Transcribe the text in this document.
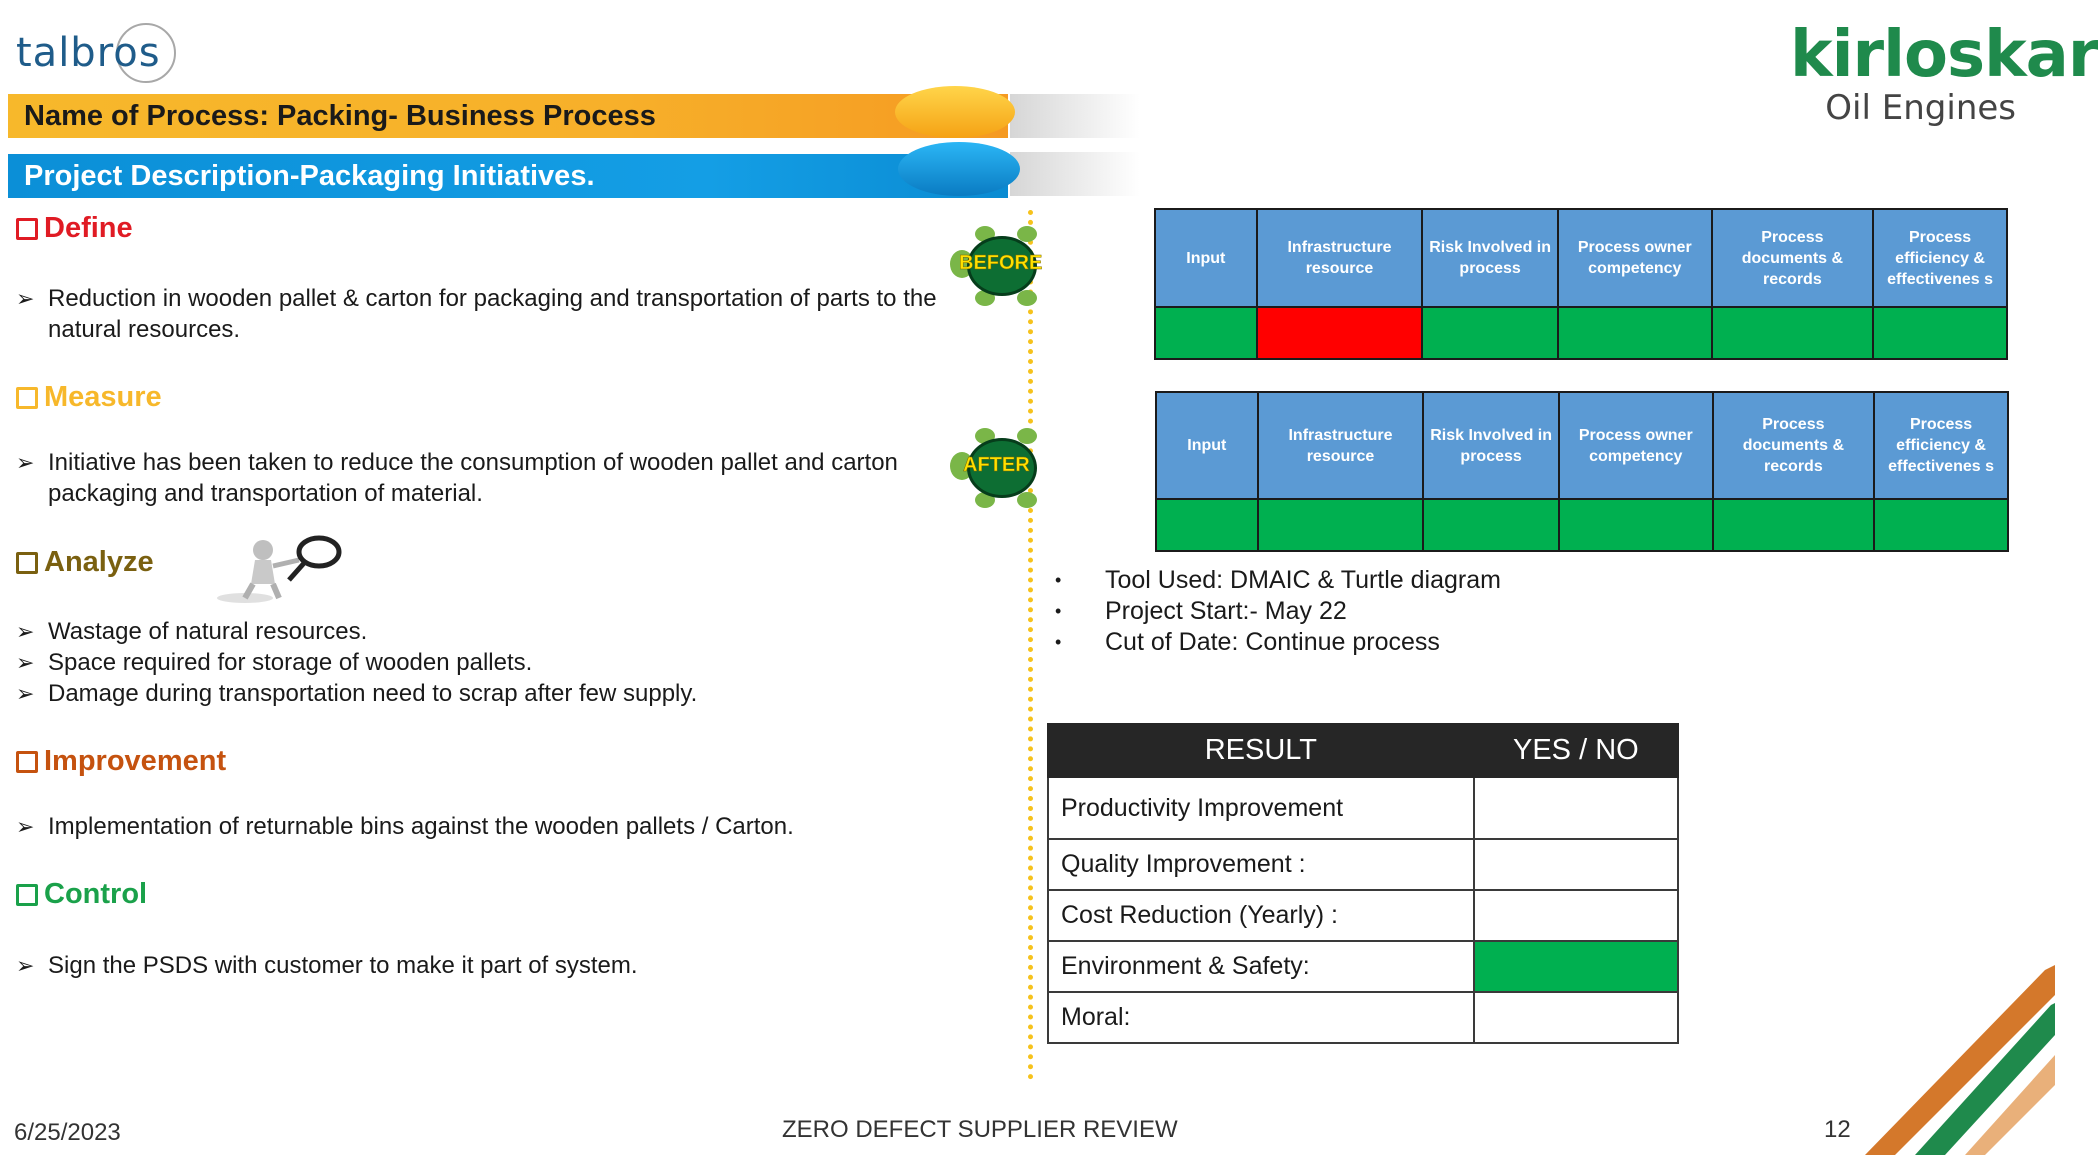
talbros	kirloskar
Oil Engines
Name of Process: Packing- Business Process
Project Description-Packaging Initiatives.
Define
➢ Reduction in wooden pallet & carton for packaging and transportation of parts to the natural resources.
Measure
➢ Initiative has been taken to reduce the consumption of wooden pallet and carton packaging and transportation of material.
Analyze
➢ Wastage of natural resources.
➢ Space required for storage of wooden pallets.
➢ Damage during transportation need to scrap after few supply.
Improvement
➢ Implementation of returnable bins against the wooden pallets / Carton.
Control
➢ Sign the PSDS with customer to make it part of system.
BEFORE
AFTER
Input	Infrastructure resource	Risk Involved in process	Process owner competency	Process documents & records	Process efficiency & effectivenes s

Input	Infrastructure resource	Risk Involved in process	Process owner competency	Process documents & records	Process efficiency & effectivenes s

•	Tool Used: DMAIC & Turtle diagram
•	Project Start:- May 22
•	Cut of Date: Continue process
RESULT	YES / NO
Productivity Improvement	
Quality Improvement :	
Cost Reduction (Yearly) :	
Environment & Safety:	
Moral:	
6/25/2023	ZERO DEFECT SUPPLIER REVIEW	12
